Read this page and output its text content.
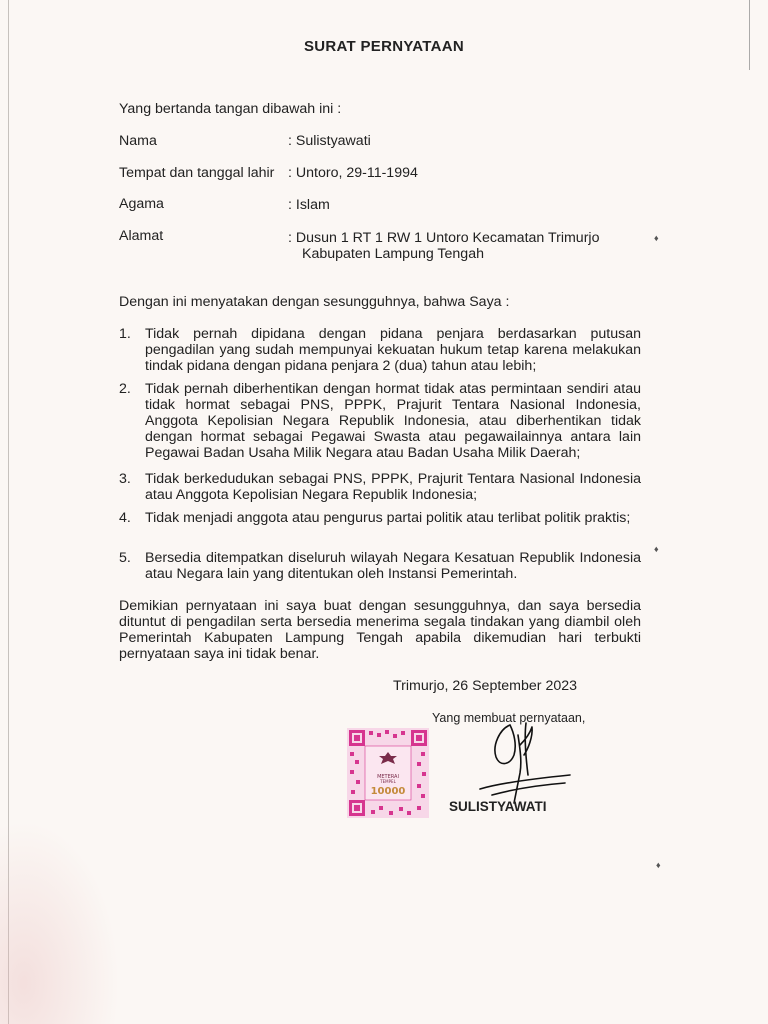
SURAT PERNYATAAN
Yang bertanda tangan dibawah ini :
Nama	: Sulistyawati
Tempat dan tanggal lahir : Untoro, 29-11-1994
Agama	: Islam
Alamat	: Dusun 1 RT 1 RW 1 Untoro Kecamatan Trimurjo
Kabupaten Lampung Tengah
♦
Dengan ini menyatakan dengan sesungguhnya, bahwa Saya :
1. Tidak pernah dipidana dengan pidana penjara berdasarkan putusan pengadilan yang sudah mempunyai kekuatan hukum tetap karena melakukan tindak pidana dengan pidana penjara 2 (dua) tahun atau lebih;
2. Tidak pernah diberhentikan dengan hormat tidak atas permintaan sendiri atau tidak hormat sebagai PNS, PPPK, Prajurit Tentara Nasional Indonesia, Anggota Kepolisian Negara Republik Indonesia, atau diberhentikan tidak dengan hormat sebagai Pegawai Swasta atau pegawailainnya antara lain Pegawai Badan Usaha Milik Negara atau Badan Usaha Milik Daerah;
3. Tidak berkedudukan sebagai PNS, PPPK, Prajurit Tentara Nasional Indonesia atau Anggota Kepolisian Negara Republik Indonesia;
4. Tidak menjadi anggota atau pengurus partai politik atau terlibat politik praktis;
5. Bersedia ditempatkan diseluruh wilayah Negara Kesatuan Republik Indonesia atau Negara lain yang ditentukan oleh Instansi Pemerintah.
♦
Demikian pernyataan ini saya buat dengan sesungguhnya, dan saya bersedia dituntut di pengadilan serta bersedia menerima segala tindakan yang diambil oleh Pemerintah Kabupaten Lampung Tengah apabila dikemudian hari terbukti pernyataan saya ini tidak benar.
Trimurjo, 26 September 2023
Yang membuat pernyataan,
METERAI
TEMPEL
10000
SULISTYAWATI
♦
